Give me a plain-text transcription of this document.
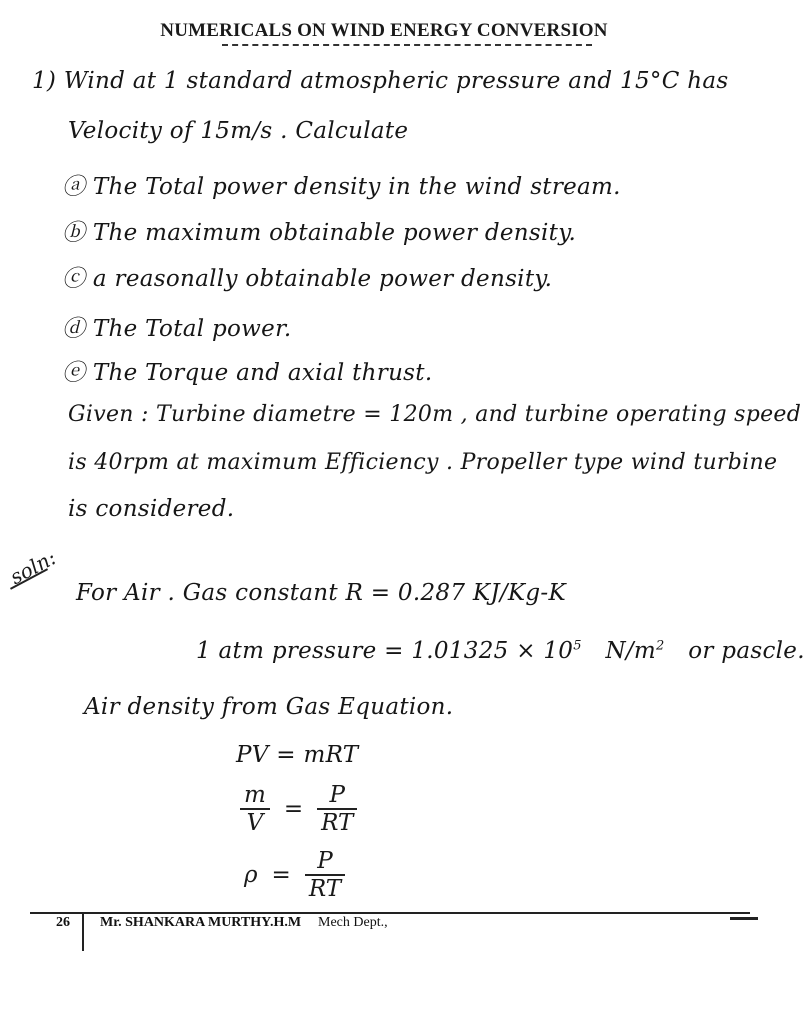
NUMERICALS ON WIND ENERGY CONVERSION
1) Wind at 1 standard atmospheric pressure and 15°C has
Velocity of 15m/s . Calculate
ⓐ The Total power density in the wind stream.
ⓑ The maximum obtainable power density.
ⓒ a reasonally obtainable power density.
ⓓ The Total power.
ⓔ The Torque and axial thrust.
Given : Turbine diametre = 120m , and turbine operating speed
is 40rpm at maximum Efficiency . Propeller type wind turbine
is considered.
soln:
For Air . Gas constant R = 0.287 KJ/Kg-K
1 atm pressure = $1.01325 \times 10^5$ $N/m^2$ or pascle.
Air density from Gas Equation.
PV = mRT
$\frac{m}{V} = \frac{P}{RT}$
$\rho = \frac{P}{RT}$
26 Mr. SHANKARA MURTHY.H.M Mech Dept.,
